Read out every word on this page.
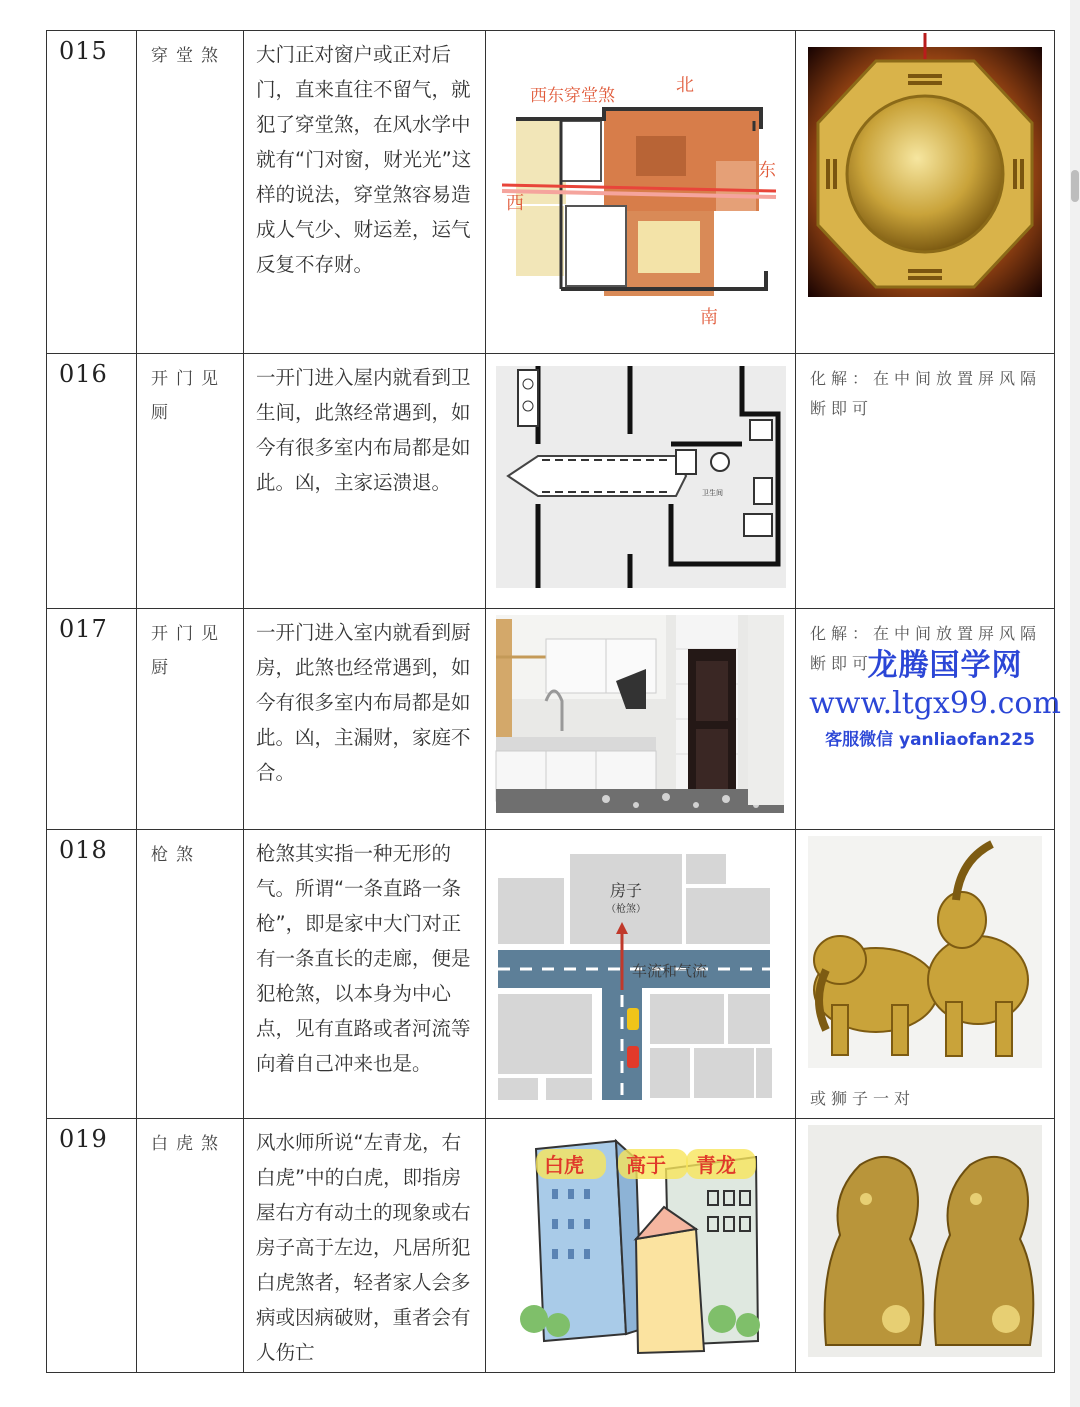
015	穿堂煞	大门正对窗户或正对后门，直来直往不留气，就犯了穿堂煞，在风水学中就有“门对窗，财光光”这样的说法，穿堂煞容易造成人气少、财运差，运气反复不存财。	西东穿堂煞 北
东
西
南

016	开门见厕	一开门进入屋内就看到卫生间，此煞经常遇到，如今有很多室内布局都是如此。凶，主家运溃退。	卫生间	化解：在中间放置屏风隔断即可
017	开门见厨	一开门进入室内就看到厨房，此煞也经常遇到，如今有很多室内布局都是如此。凶，主漏财，家庭不合。		化解：在中间放置屏风隔断即可
018	枪煞	枪煞其实指一种无形的气。所谓“一条直路一条枪”，即是家中大门对正有一条直长的走廊，便是犯枪煞，以本身为中心点，见有直路或者河流等向着自己冲来也是。	房子
（枪煞）
车流和气流	或狮子一对

019	白虎煞	风水师所说“左青龙，右白虎”中的白虎，即指房屋右方有动土的现象或右房子高于左边，凡居所犯白虎煞者，轻者家人会多病或因病破财，重者会有人伤亡	白虎 高于 青龙

龙腾国学网
www.ltgx99.com
客服微信 yanliaofan225
